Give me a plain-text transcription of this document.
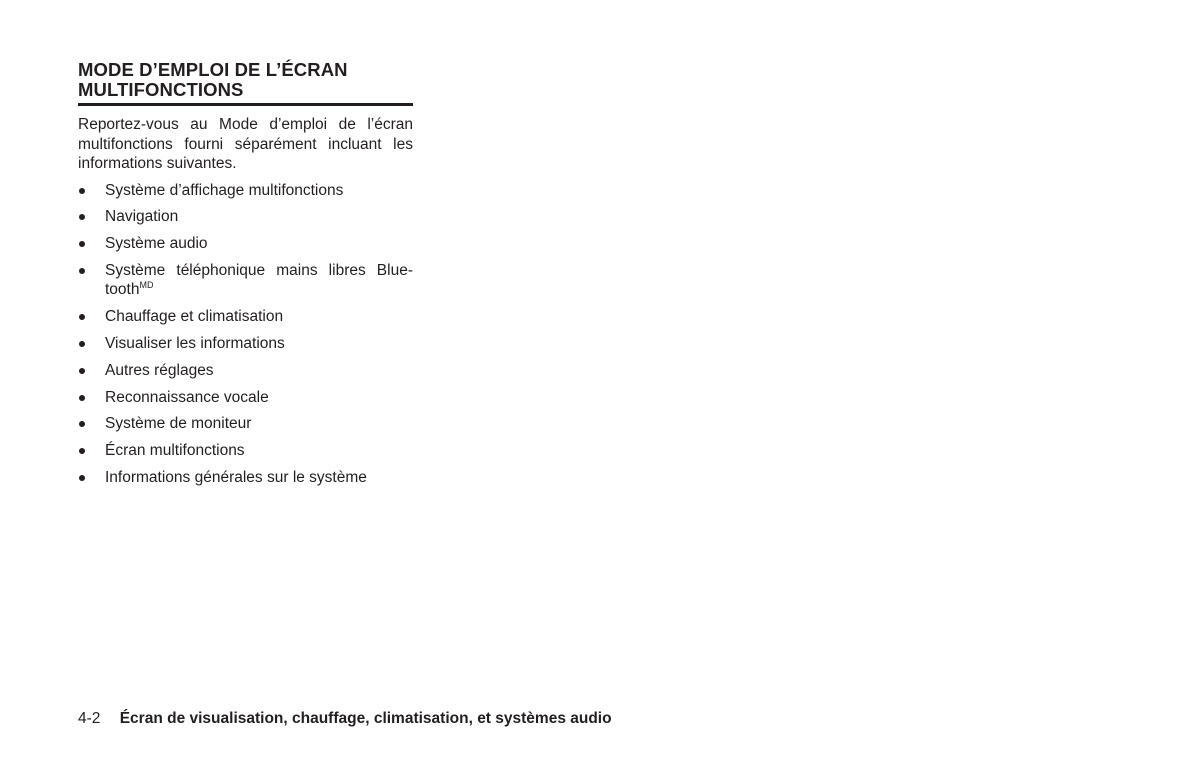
MODE D’EMPLOI DE L’ÉCRAN
MULTIFONCTIONS

Reportez-vous au Mode d’emploi de l’écran multifonctions fourni séparément incluant les informations suivantes.

Système d’affichage multifonctions
Navigation
Système audio
Système téléphonique mains libres Blue-tooth$^{MD}$
Chauffage et climatisation
Visualiser les informations
Autres réglages
Reconnaissance vocale
Système de moniteur
Écran multifonctions
Informations générales sur le système
4-2 Écran de visualisation, chauffage, climatisation, et systèmes audio
